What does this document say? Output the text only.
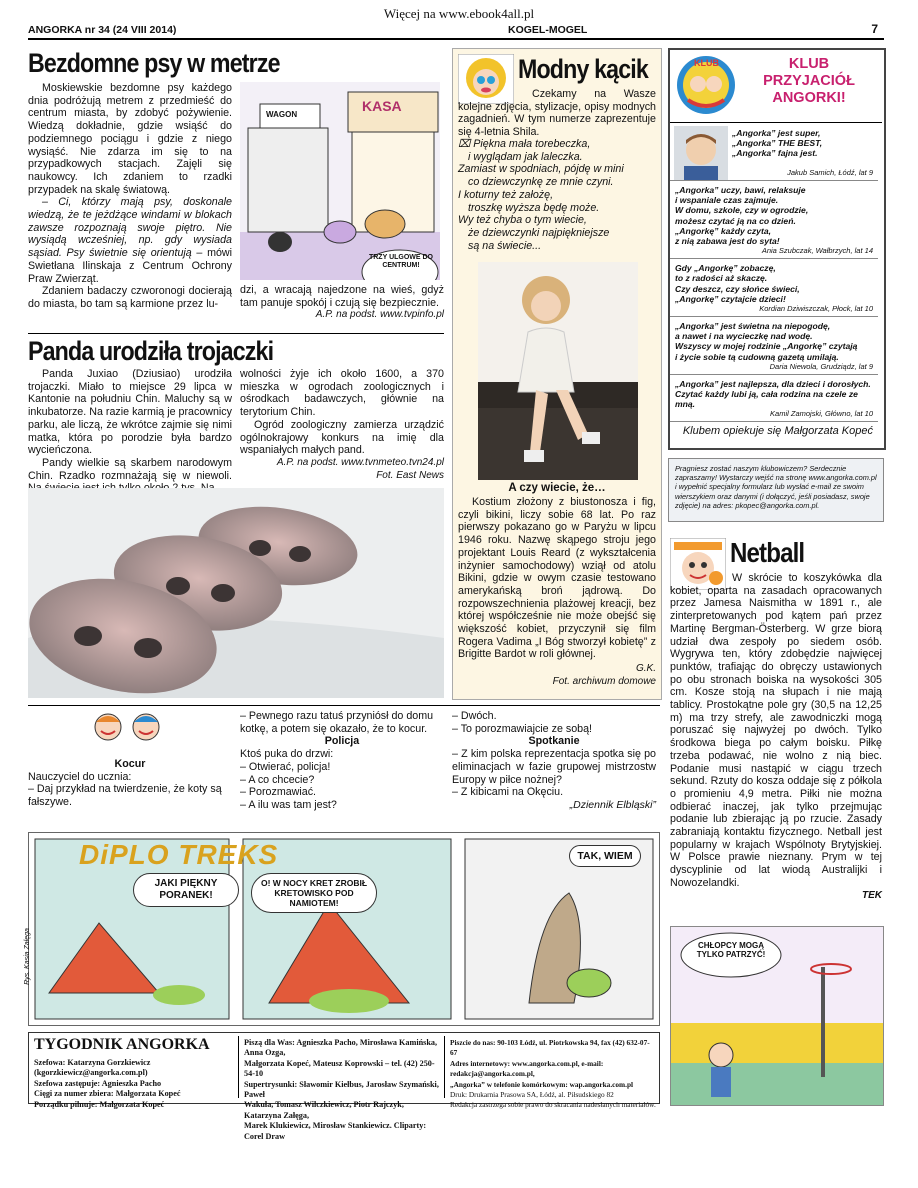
Więcej na www.ebook4all.pl
ANGORKA nr 34 (24 VIII 2014)	KOGEL-MOGEL	7
Bezdomne psy w metrze

Moskiewskie bezdomne psy każdego dnia podróżują metrem z przedmieść do centrum miasta, by zdobyć pożywienie. Wiedzą dokładnie, gdzie wsiąść do podziemnego pociągu i gdzie z niego wysiąść. Nie zdarza im się to na przypadkowych stacjach. Zajęli się naukowcy. Ich zdaniem to rzadki przypadek na skalę światową.

– Ci, którzy mają psy, doskonale wiedzą, że te jeżdżące windami w blokach zawsze rozpoznają swoje piętro. Nie wysiądą wcześniej, np. gdy wysiada sąsiad. Psy świetnie się orientują – mówi Swietłana Ilinskaja z Centrum Ochrony Praw Zwierząt.

Zdaniem badaczy czworonogi docierają do miasta, bo tam są karmione przez lu-

KASA
WAGON
TRZY ULGOWE DO CENTRUM!

dzi, a wracają najedzone na wieś, gdyż tam panuje spokój i czują się bezpiecznie.

A.P. na podst. www.tvpinfo.pl
Panda urodziła trojaczki

Panda Juxiao (Dziusiao) urodziła trojaczki. Miało to miejsce 29 lipca w Kantonie na południu Chin. Maluchy są w inkubatorze. Na razie karmią je pracownicy parku, ale liczą, że wkrótce zajmie się nimi matka, która po porodzie była bardzo wycieńczona.

Pandy wielkie są skarbem narodowym Chin. Rzadko rozmnażają się w niewoli.

wolności żyje ich około 1600, a 370 mieszka w ogrodach zoologicznych i ośrodkach badawczych, głównie na terytorium Chin.

Ogród zoologiczny zamierza urządzić ogólnokrajowy konkurs na imię dla wspaniałych małych pand.

A.P. na podst. www.tvnmeteo.tvn24.pl
Fot. East News
Modny kącik

Czekamy na Wasze kolejne zdjęcia, stylizacje, opisy modnych zagadnień. W tym numerze zaprezentuje się 4-letnia Shila.

⌧ Piękna mała torebeczka,
i wyglądam jak laleczka.
Zamiast w spodniach, pójdę w mini
co dziewczynkę ze mnie czyni.
I koturny też założę,
troszkę wyższa będę może.
Wy też chyba o tym wiecie,
że dziewczynki najpiękniejsze
są na świecie...
A czy wiecie, że…

Kostium złożony z biustonosza i fig, czyli bikini, liczy sobie 68 lat. Po raz pierwszy pokazano go w Paryżu w lipcu 1946 roku. Nazwę skąpego stroju jego projektant Louis Reard (z wykształcenia inżynier samochodowy) wziął od atolu Bikini, gdzie w owym czasie testowano amerykańską broń jądrową. Do rozpowszechnienia plażowej kreacji, bez której współcześnie nie może obejść się większość kobiet, przyczynił się film Rogera Vadima „I Bóg stworzył kobietę” z Brigitte Bardot w roli głównej.

G.K.
Fot. archiwum domowe
KLUB	KLUB
PRZYJACIÓŁ
ANGORKI!
„Angorka” jest super,
„Angorka” THE BEST,
„Angorka” fajna jest.
Jakub Samich, Łódź, lat 9
„Angorka” uczy, bawi, relaksuje
i wspaniale czas zajmuje.
W domu, szkole, czy w ogrodzie,
możesz czytać ją na co dzień.
„Angorkę” każdy czyta,
z nią zabawa jest do syta!
Ania Szubczak, Wałbrzych, lat 14
Gdy „Angorkę” zobaczę,
to z radości aż skaczę.
Czy deszcz, czy słońce świeci,
„Angorkę” czytajcie dzieci!
Kordian Dziwiszczak, Płock, lat 10
„Angorka” jest świetna na niepogodę,
a nawet i na wycieczkę nad wodę.
Wszyscy w mojej rodzinie „Angorkę” czytają
i życie sobie tą cudowną gazetą umilają.
Daria Niewola, Grudziądz, lat 9
„Angorka” jest najlepsza, dla dzieci i dorosłych.
Czytać każdy lubi ją, cała rodzina na czele ze mną.
Kamil Zamojski, Główno, lat 10
Klubem opiekuje się Małgorzata Kopeć
Pragniesz zostać naszym klubowiczem? Serdecznie zapraszamy! Wystarczy wejść na stronę www.angorka.com.pl i wypełnić specjalny formularz lub wysłać e-mail ze swoim wierszykiem oraz danymi (i dołączyć, jeśli posiadasz, swoje zdjęcie) na adres: pkopec@angorka.com.pl.
Netball

W skrócie to koszykówka dla kobiet, oparta na zasadach opracowanych przez Jamesa Naismitha w 1891 r., ale zinterpretowanych pod kątem pań przez Martinę Bergman-Österberg. W grze biorą udział dwa zespoły po siedem osób. Wygrywa ten, który zdobędzie najwięcej punktów, trafiając do obręczy ustawionych po obu stronach boiska na wysokości 305 cm. Kosze stoją na słupach i nie mają tablicy. Prostokątne pole gry (30,5 na 12,25 m) ma trzy strefy, ale zawodniczki mogą poruszać się najwyżej po dwóch. Tylko środkowa biega po całym boisku. Piłkę trzeba podawać, nie wolno z nią biec. Podanie musi nastąpić w ciągu trzech sekund. Rzuty do kosza oddaje się z półkola o promieniu 4,9 metra. Piłki nie można odbierać inaczej, jak tylko przejmując podanie lub zbierając ją po rzucie. Zasady zabraniają kontaktu fizycznego. Netball jest popularny w krajach Wspólnoty Brytyjskiej. W Polsce prawie nieznany. Prym w tej dyscyplinie od lat wiodą Australijki i Nowozelandki.

TEK
CHŁOPCY MOGĄ TYLKO PATRZYĆ!
Kocur

Nauczyciel do ucznia:

– Daj przykład na twierdzenie, że koty są fałszywe.

– Pewnego razu tatuś przyniósł do domu kotkę, a potem się okazało, że to kocur.

Policja

Ktoś puka do drzwi:

– Otwierać, policja!

– A co chcecie?

– Porozmawiać.

– A ilu was tam jest?

– Dwóch.

– To porozmawiajcie ze sobą!

Spotkanie

– Z kim polska reprezentacja spotka się po eliminacjach w fazie grupowej mistrzostw Europy w piłce nożnej?

– Z kibicami na Okęciu.

„Dziennik Elbląski”
DiPLO TREKS
JAKI PIĘKNY PORANEK!
O! W NOCY KRET ZROBIŁ KRETOWISKO POD NAMIOTEM!
TAK, WIEM
Rys. Kasia Załęga
TYGODNIK ANGORKA
Szefowa: Katarzyna Gorzkiewicz (kgorzkiewicz@angorka.com.pl)
Szefowa zastępuje: Agnieszka Pacho
Cięgi za numer zbiera: Małgorzata Kopeć
Porządku pilnuje: Małgorzata Kopeć
Piszą dla Was: Agnieszka Pacho, Mirosława Kamińska, Anna Ozga,
Małgorzata Kopeć, Mateusz Koprowski – tel. (42) 250-54-10
Supertrysunki: Sławomir Kiełbus, Jarosław Szymański, Paweł
Wakuła, Tomasz Wilczkiewicz, Piotr Rajczyk, Katarzyna Załęga,
Marek Klukiewicz, Mirosław Stankiewicz. Cliparty: Corel Draw
Piszcie do nas: 90-103 Łódź, ul. Piotrkowska 94, fax (42) 632-07-67
Adres internetowy: www.angorka.com.pl, e-mail: redakcja@angorka.com.pl,
„Angorka” w telefonie komórkowym: wap.angorka.com.pl
Druk: Drukarnia Prasowa SA, Łódź, al. Piłsudskiego 82
Redakcja zastrzega sobie prawo do skracania nadesłanych materiałów.
